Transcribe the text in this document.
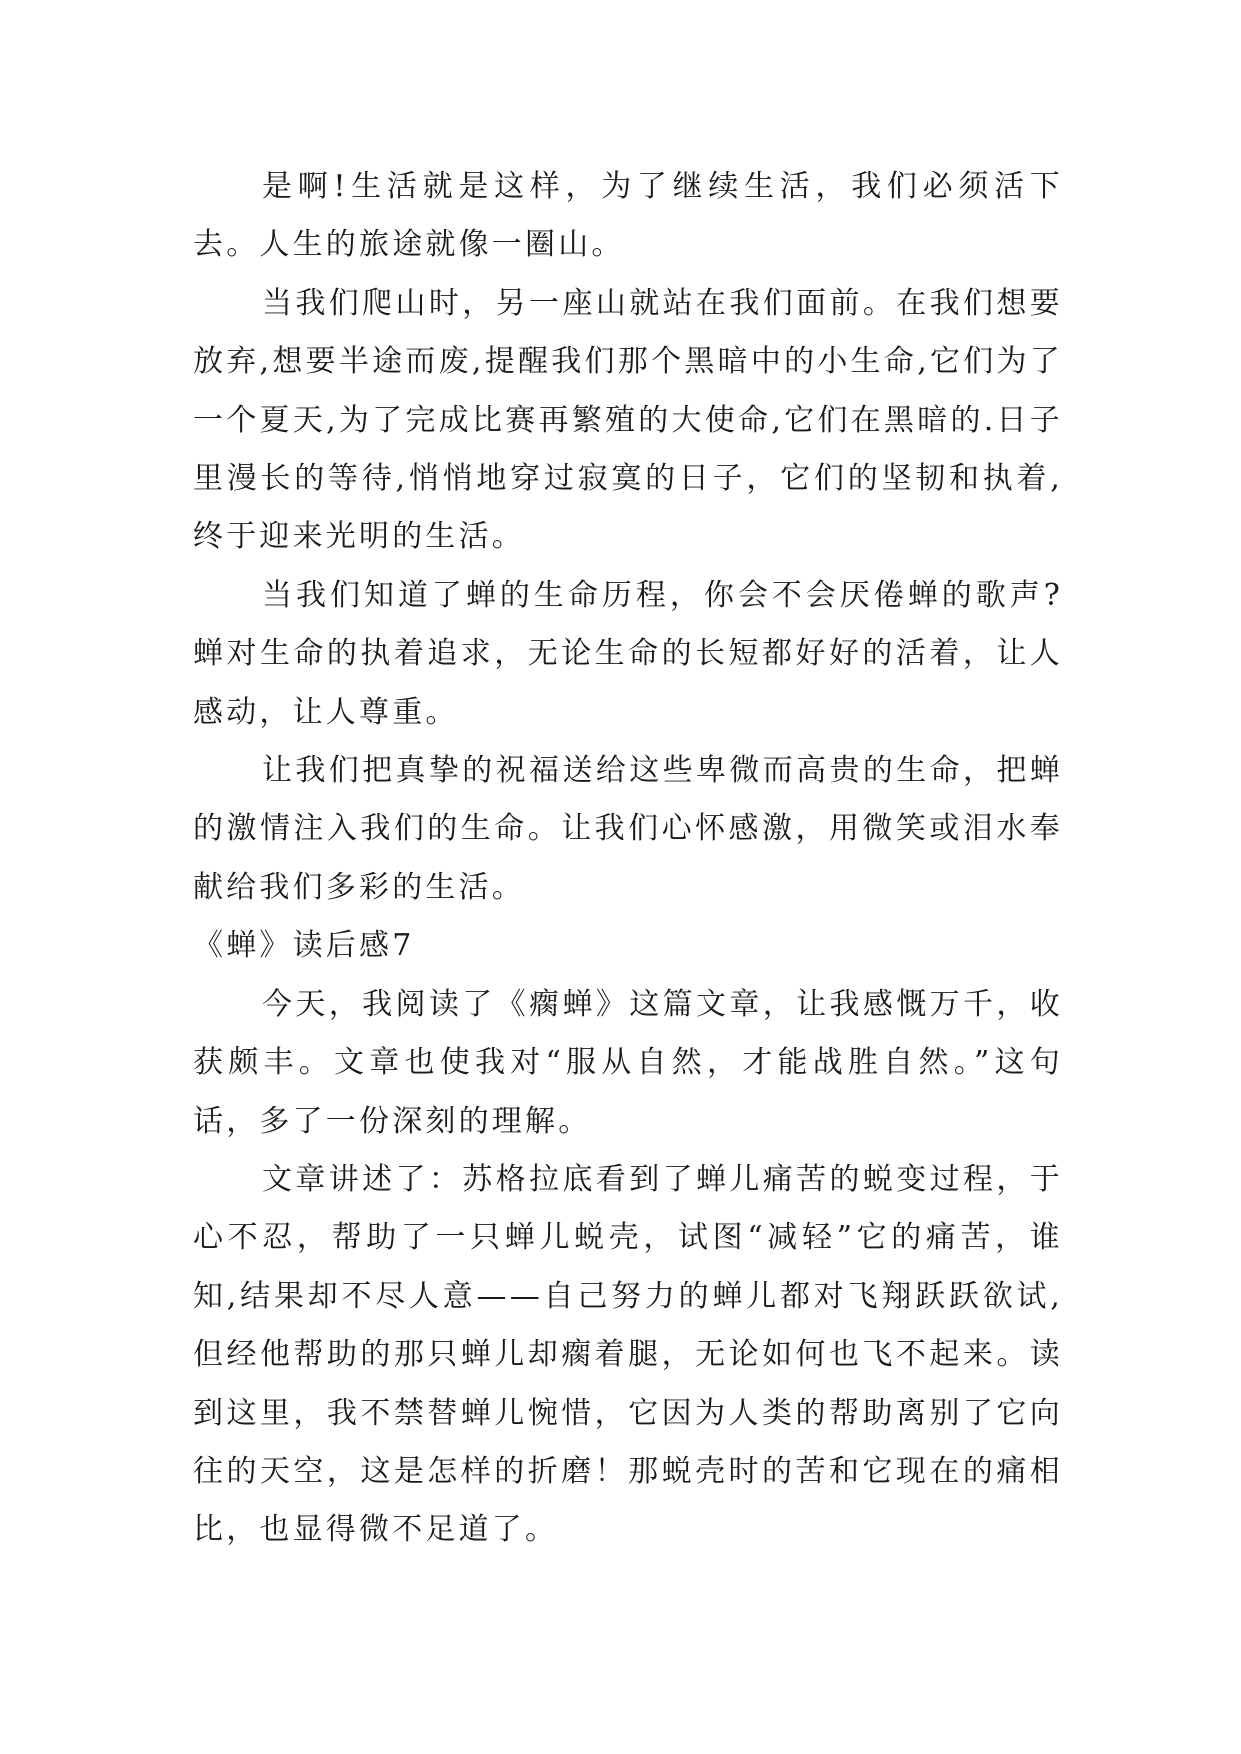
是啊!生活就是这样，为了继续生活，我们必须活下去。人生的旅途就像一圈山。

当我们爬山时，另一座山就站在我们面前。在我们想要放弃,想要半途而废,提醒我们那个黑暗中的小生命,它们为了一个夏天,为了完成比赛再繁殖的大使命,它们在黑暗的.日子里漫长的等待,悄悄地穿过寂寞的日子，它们的坚韧和执着,终于迎来光明的生活。

当我们知道了蝉的生命历程，你会不会厌倦蝉的歌声?蝉对生命的执着追求，无论生命的长短都好好的活着，让人感动，让人尊重。

让我们把真挚的祝福送给这些卑微而高贵的生命，把蝉的激情注入我们的生命。让我们心怀感激，用微笑或泪水奉献给我们多彩的生活。

《蝉》读后感7

今天，我阅读了《瘸蝉》这篇文章，让我感慨万千，收获颇丰。文章也使我对“服从自然，才能战胜自然。”这句话，多了一份深刻的理解。

文章讲述了：苏格拉底看到了蝉儿痛苦的蜕变过程，于心不忍，帮助了一只蝉儿蜕壳，试图“减轻”它的痛苦，谁知,结果却不尽人意——自己努力的蝉儿都对飞翔跃跃欲试,但经他帮助的那只蝉儿却瘸着腿，无论如何也飞不起来。读到这里，我不禁替蝉儿惋惜，它因为人类的帮助离别了它向往的天空，这是怎样的折磨！那蜕壳时的苦和它现在的痛相比，也显得微不足道了。
